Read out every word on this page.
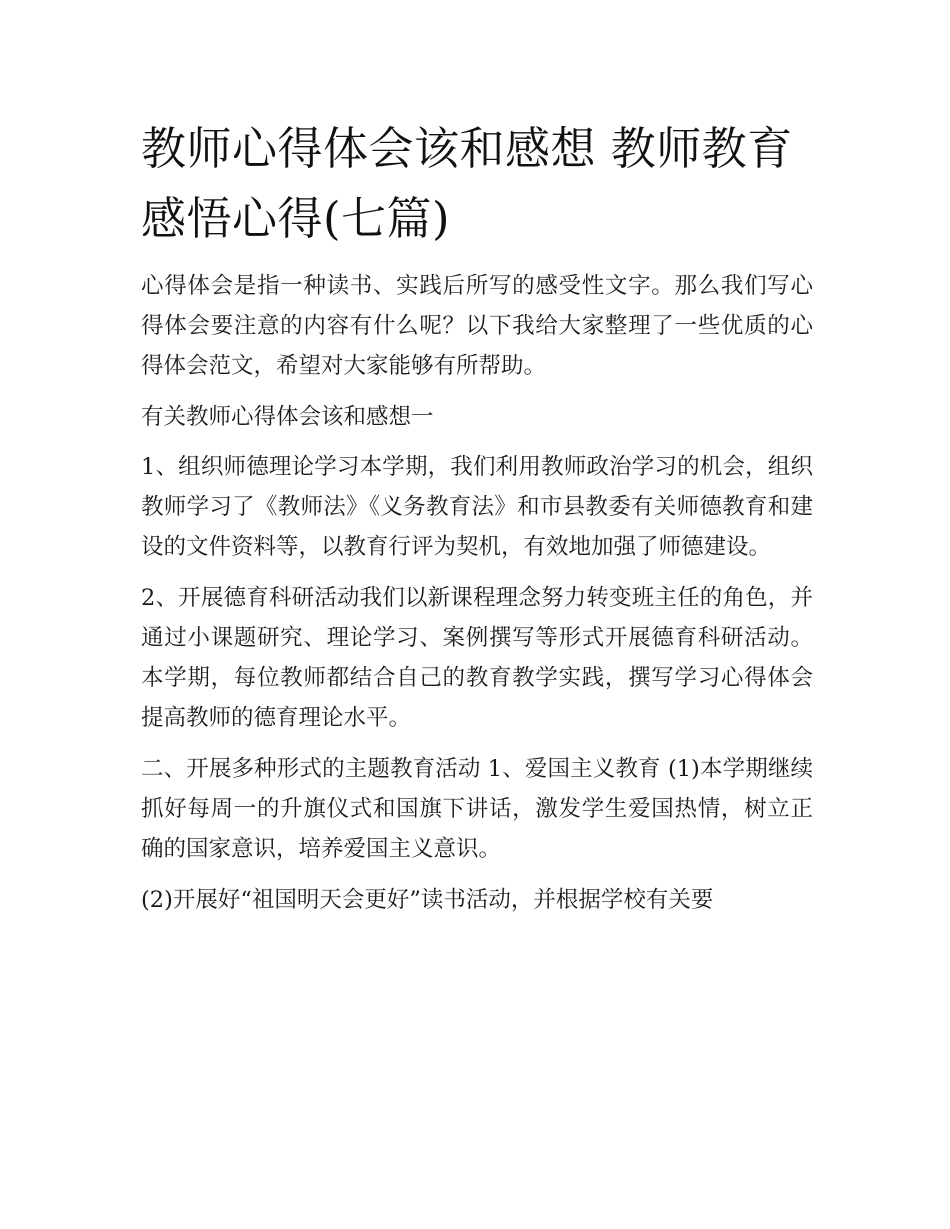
教师心得体会该和感想 教师教育感悟心得(七篇)

心得体会是指一种读书、实践后所写的感受性文字。那么我们写心得体会要注意的内容有什么呢？以下我给大家整理了一些优质的心得体会范文，希望对大家能够有所帮助。

有关教师心得体会该和感想一

1、组织师德理论学习本学期，我们利用教师政治学习的机会，组织教师学习了《教师法》《义务教育法》和市县教委有关师德教育和建设的文件资料等，以教育行评为契机，有效地加强了师德建设。

2、开展德育科研活动我们以新课程理念努力转变班主任的角色，并通过小课题研究、理论学习、案例撰写等形式开展德育科研活动。本学期，每位教师都结合自己的教育教学实践，撰写学习心得体会提高教师的德育理论水平。

二、开展多种形式的主题教育活动 1、爱国主义教育 (1)本学期继续抓好每周一的升旗仪式和国旗下讲话，激发学生爱国热情，树立正确的国家意识，培养爱国主义意识。

(2)开展好“祖国明天会更好”读书活动，并根据学校有关要
